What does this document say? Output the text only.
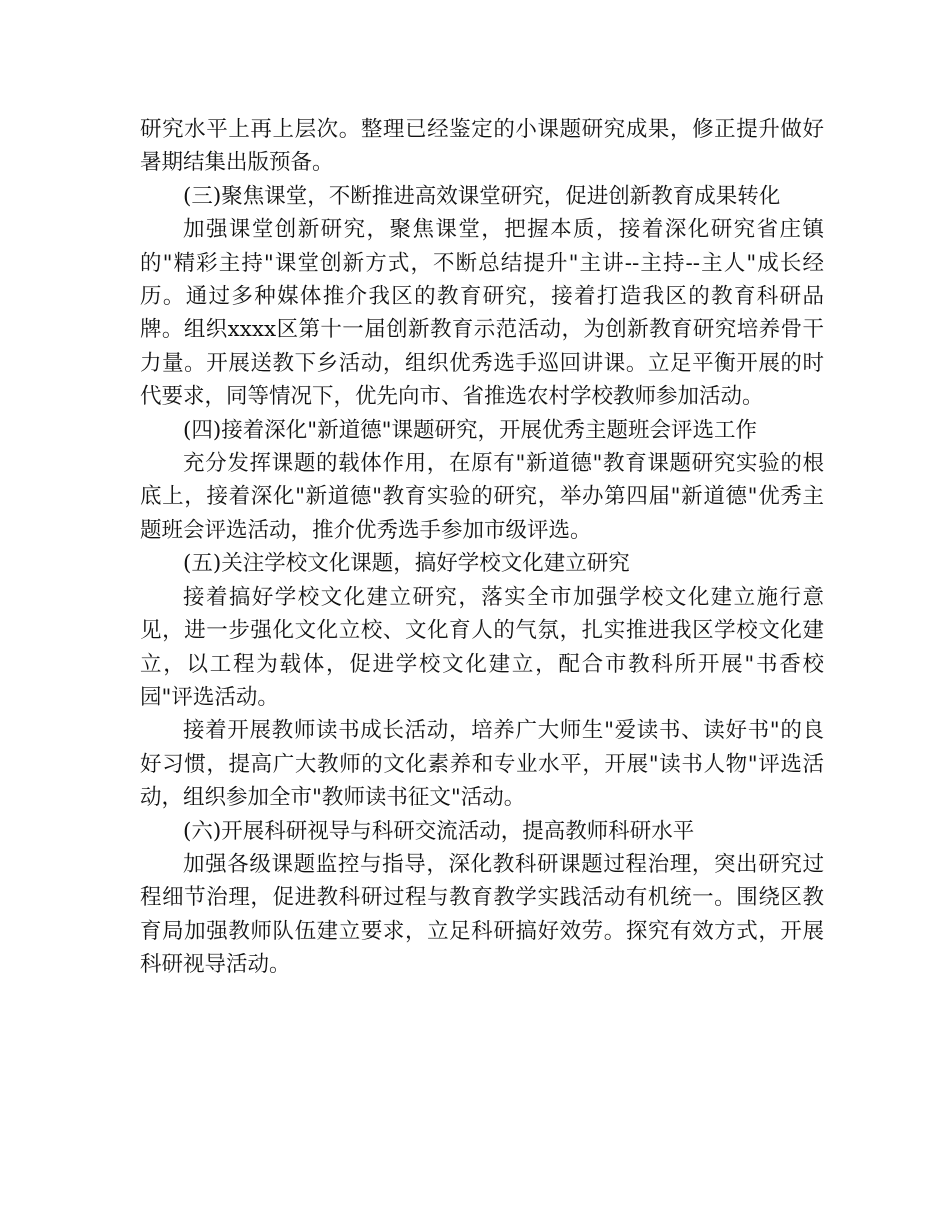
研究水平上再上层次。整理已经鉴定的小课题研究成果，修正提升做好暑期结集出版预备。

(三)聚焦课堂，不断推进高效课堂研究，促进创新教育成果转化

加强课堂创新研究，聚焦课堂，把握本质，接着深化研究省庄镇的"精彩主持"课堂创新方式，不断总结提升"主讲--主持--主人"成长经历。通过多种媒体推介我区的教育研究，接着打造我区的教育科研品牌。组织xxxx区第十一届创新教育示范活动，为创新教育研究培养骨干力量。开展送教下乡活动，组织优秀选手巡回讲课。立足平衡开展的时代要求，同等情况下，优先向市、省推选农村学校教师参加活动。

(四)接着深化"新道德"课题研究，开展优秀主题班会评选工作

充分发挥课题的载体作用，在原有"新道德"教育课题研究实验的根底上，接着深化"新道德"教育实验的研究，举办第四届"新道德"优秀主题班会评选活动，推介优秀选手参加市级评选。

(五)关注学校文化课题，搞好学校文化建立研究

接着搞好学校文化建立研究，落实全市加强学校文化建立施行意见，进一步强化文化立校、文化育人的气氛，扎实推进我区学校文化建立，以工程为载体，促进学校文化建立，配合市教科所开展"书香校园"评选活动。

接着开展教师读书成长活动，培养广大师生"爱读书、读好书"的良好习惯，提高广大教师的文化素养和专业水平，开展"读书人物"评选活动，组织参加全市"教师读书征文"活动。

(六)开展科研视导与科研交流活动，提高教师科研水平

加强各级课题监控与指导，深化教科研课题过程治理，突出研究过程细节治理，促进教科研过程与教育教学实践活动有机统一。围绕区教育局加强教师队伍建立要求，立足科研搞好效劳。探究有效方式，开展科研视导活动。
